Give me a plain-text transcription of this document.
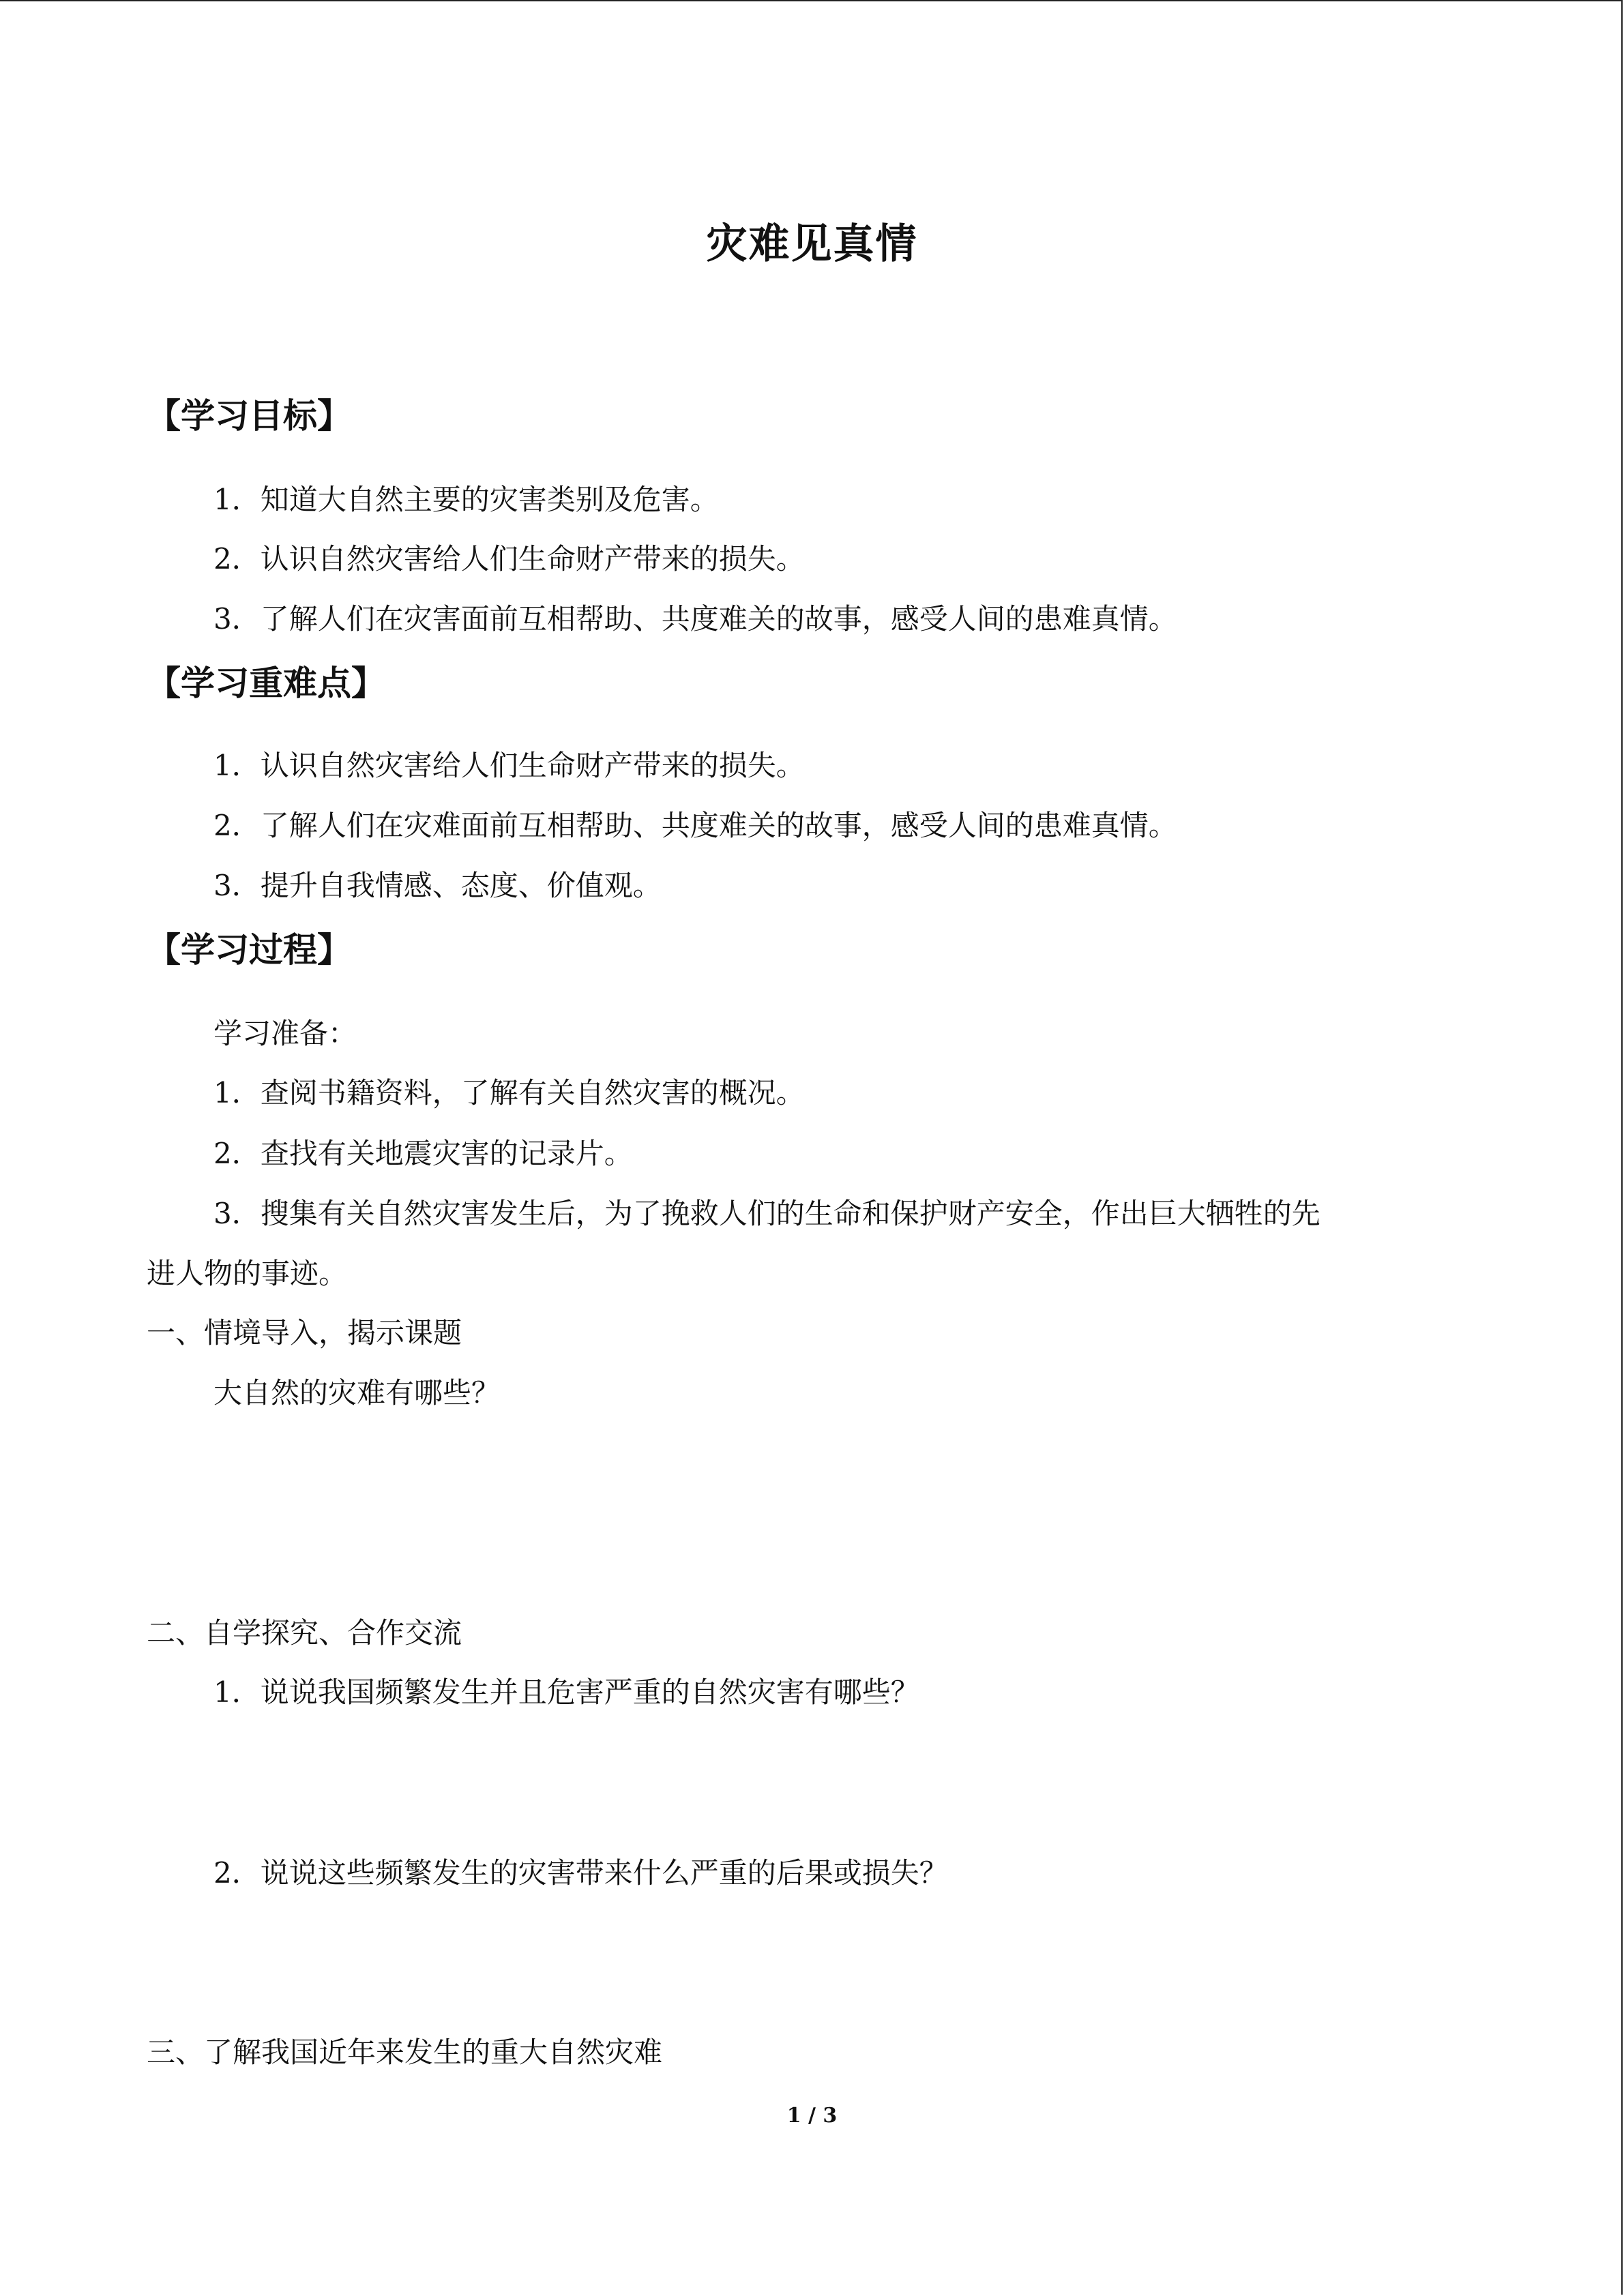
灾难见真情
【学习目标】
1．知道大自然主要的灾害类别及危害。
2．认识自然灾害给人们生命财产带来的损失。
3．了解人们在灾害面前互相帮助、共度难关的故事，感受人间的患难真情。
【学习重难点】
1．认识自然灾害给人们生命财产带来的损失。
2．了解人们在灾难面前互相帮助、共度难关的故事，感受人间的患难真情。
3．提升自我情感、态度、价值观。
【学习过程】
学习准备：
1．查阅书籍资料，了解有关自然灾害的概况。
2．查找有关地震灾害的记录片。
3．搜集有关自然灾害发生后，为了挽救人们的生命和保护财产安全，作出巨大牺牲的先
进人物的事迹。
一、情境导入，揭示课题
大自然的灾难有哪些？
二、自学探究、合作交流
1．说说我国频繁发生并且危害严重的自然灾害有哪些？
2．说说这些频繁发生的灾害带来什么严重的后果或损失？
三、了解我国近年来发生的重大自然灾难
1 / 3
